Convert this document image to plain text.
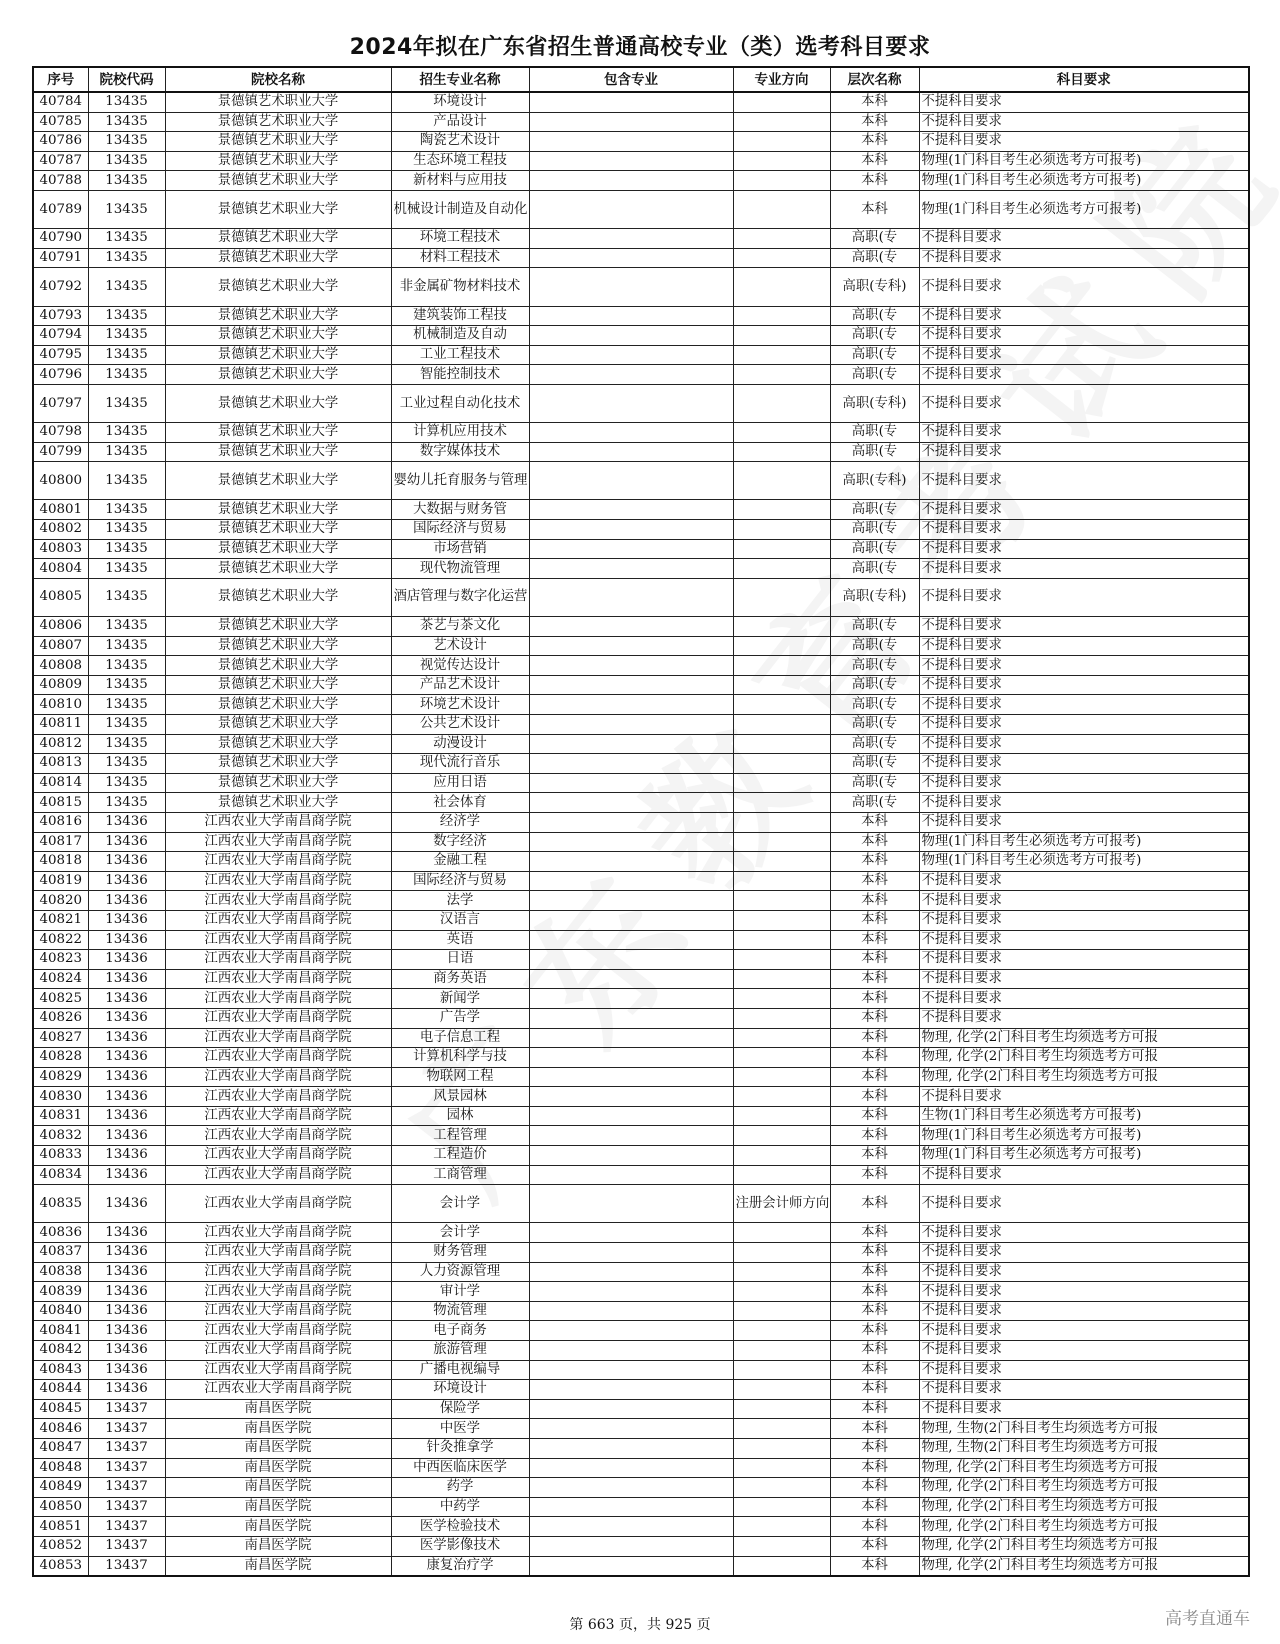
2024年拟在广东省招生普通高校专业（类）选考科目要求
序号	院校代码	院校名称	招生专业名称	包含专业	专业方向	层次名称	科目要求
40784	13435	景德镇艺术职业大学	环境设计			本科	不提科目要求
40785	13435	景德镇艺术职业大学	产品设计			本科	不提科目要求
40786	13435	景德镇艺术职业大学	陶瓷艺术设计			本科	不提科目要求
40787	13435	景德镇艺术职业大学	生态环境工程技			本科	物理(1门科目考生必须选考方可报考)
40788	13435	景德镇艺术职业大学	新材料与应用技			本科	物理(1门科目考生必须选考方可报考)
40789	13435	景德镇艺术职业大学	机械设计制造及自动化			本科	物理(1门科目考生必须选考方可报考)
40790	13435	景德镇艺术职业大学	环境工程技术			高职(专	不提科目要求
40791	13435	景德镇艺术职业大学	材料工程技术			高职(专	不提科目要求
40792	13435	景德镇艺术职业大学	非金属矿物材料技术			高职(专科)	不提科目要求
40793	13435	景德镇艺术职业大学	建筑装饰工程技			高职(专	不提科目要求
40794	13435	景德镇艺术职业大学	机械制造及自动			高职(专	不提科目要求
40795	13435	景德镇艺术职业大学	工业工程技术			高职(专	不提科目要求
40796	13435	景德镇艺术职业大学	智能控制技术			高职(专	不提科目要求
40797	13435	景德镇艺术职业大学	工业过程自动化技术			高职(专科)	不提科目要求
40798	13435	景德镇艺术职业大学	计算机应用技术			高职(专	不提科目要求
40799	13435	景德镇艺术职业大学	数字媒体技术			高职(专	不提科目要求
40800	13435	景德镇艺术职业大学	婴幼儿托育服务与管理			高职(专科)	不提科目要求
40801	13435	景德镇艺术职业大学	大数据与财务管			高职(专	不提科目要求
40802	13435	景德镇艺术职业大学	国际经济与贸易			高职(专	不提科目要求
40803	13435	景德镇艺术职业大学	市场营销			高职(专	不提科目要求
40804	13435	景德镇艺术职业大学	现代物流管理			高职(专	不提科目要求
40805	13435	景德镇艺术职业大学	酒店管理与数字化运营			高职(专科)	不提科目要求
40806	13435	景德镇艺术职业大学	茶艺与茶文化			高职(专	不提科目要求
40807	13435	景德镇艺术职业大学	艺术设计			高职(专	不提科目要求
40808	13435	景德镇艺术职业大学	视觉传达设计			高职(专	不提科目要求
40809	13435	景德镇艺术职业大学	产品艺术设计			高职(专	不提科目要求
40810	13435	景德镇艺术职业大学	环境艺术设计			高职(专	不提科目要求
40811	13435	景德镇艺术职业大学	公共艺术设计			高职(专	不提科目要求
40812	13435	景德镇艺术职业大学	动漫设计			高职(专	不提科目要求
40813	13435	景德镇艺术职业大学	现代流行音乐			高职(专	不提科目要求
40814	13435	景德镇艺术职业大学	应用日语			高职(专	不提科目要求
40815	13435	景德镇艺术职业大学	社会体育			高职(专	不提科目要求
40816	13436	江西农业大学南昌商学院	经济学			本科	不提科目要求
40817	13436	江西农业大学南昌商学院	数字经济			本科	物理(1门科目考生必须选考方可报考)
40818	13436	江西农业大学南昌商学院	金融工程			本科	物理(1门科目考生必须选考方可报考)
40819	13436	江西农业大学南昌商学院	国际经济与贸易			本科	不提科目要求
40820	13436	江西农业大学南昌商学院	法学			本科	不提科目要求
40821	13436	江西农业大学南昌商学院	汉语言			本科	不提科目要求
40822	13436	江西农业大学南昌商学院	英语			本科	不提科目要求
40823	13436	江西农业大学南昌商学院	日语			本科	不提科目要求
40824	13436	江西农业大学南昌商学院	商务英语			本科	不提科目要求
40825	13436	江西农业大学南昌商学院	新闻学			本科	不提科目要求
40826	13436	江西农业大学南昌商学院	广告学			本科	不提科目要求
40827	13436	江西农业大学南昌商学院	电子信息工程			本科	物理, 化学(2门科目考生均须选考方可报
40828	13436	江西农业大学南昌商学院	计算机科学与技			本科	物理, 化学(2门科目考生均须选考方可报
40829	13436	江西农业大学南昌商学院	物联网工程			本科	物理, 化学(2门科目考生均须选考方可报
40830	13436	江西农业大学南昌商学院	风景园林			本科	不提科目要求
40831	13436	江西农业大学南昌商学院	园林			本科	生物(1门科目考生必须选考方可报考)
40832	13436	江西农业大学南昌商学院	工程管理			本科	物理(1门科目考生必须选考方可报考)
40833	13436	江西农业大学南昌商学院	工程造价			本科	物理(1门科目考生必须选考方可报考)
40834	13436	江西农业大学南昌商学院	工商管理			本科	不提科目要求
40835	13436	江西农业大学南昌商学院	会计学		注册会计师方向	本科	不提科目要求
40836	13436	江西农业大学南昌商学院	会计学			本科	不提科目要求
40837	13436	江西农业大学南昌商学院	财务管理			本科	不提科目要求
40838	13436	江西农业大学南昌商学院	人力资源管理			本科	不提科目要求
40839	13436	江西农业大学南昌商学院	审计学			本科	不提科目要求
40840	13436	江西农业大学南昌商学院	物流管理			本科	不提科目要求
40841	13436	江西农业大学南昌商学院	电子商务			本科	不提科目要求
40842	13436	江西农业大学南昌商学院	旅游管理			本科	不提科目要求
40843	13436	江西农业大学南昌商学院	广播电视编导			本科	不提科目要求
40844	13436	江西农业大学南昌商学院	环境设计			本科	不提科目要求
40845	13437	南昌医学院	保险学			本科	不提科目要求
40846	13437	南昌医学院	中医学			本科	物理, 生物(2门科目考生均须选考方可报
40847	13437	南昌医学院	针灸推拿学			本科	物理, 生物(2门科目考生均须选考方可报
40848	13437	南昌医学院	中西医临床医学			本科	物理, 化学(2门科目考生均须选考方可报
40849	13437	南昌医学院	药学			本科	物理, 化学(2门科目考生均须选考方可报
40850	13437	南昌医学院	中药学			本科	物理, 化学(2门科目考生均须选考方可报
40851	13437	南昌医学院	医学检验技术			本科	物理, 化学(2门科目考生均须选考方可报
40852	13437	南昌医学院	医学影像技术			本科	物理, 化学(2门科目考生均须选考方可报
40853	13437	南昌医学院	康复治疗学			本科	物理, 化学(2门科目考生均须选考方可报
第 663 页，共 925 页	高考直通车
